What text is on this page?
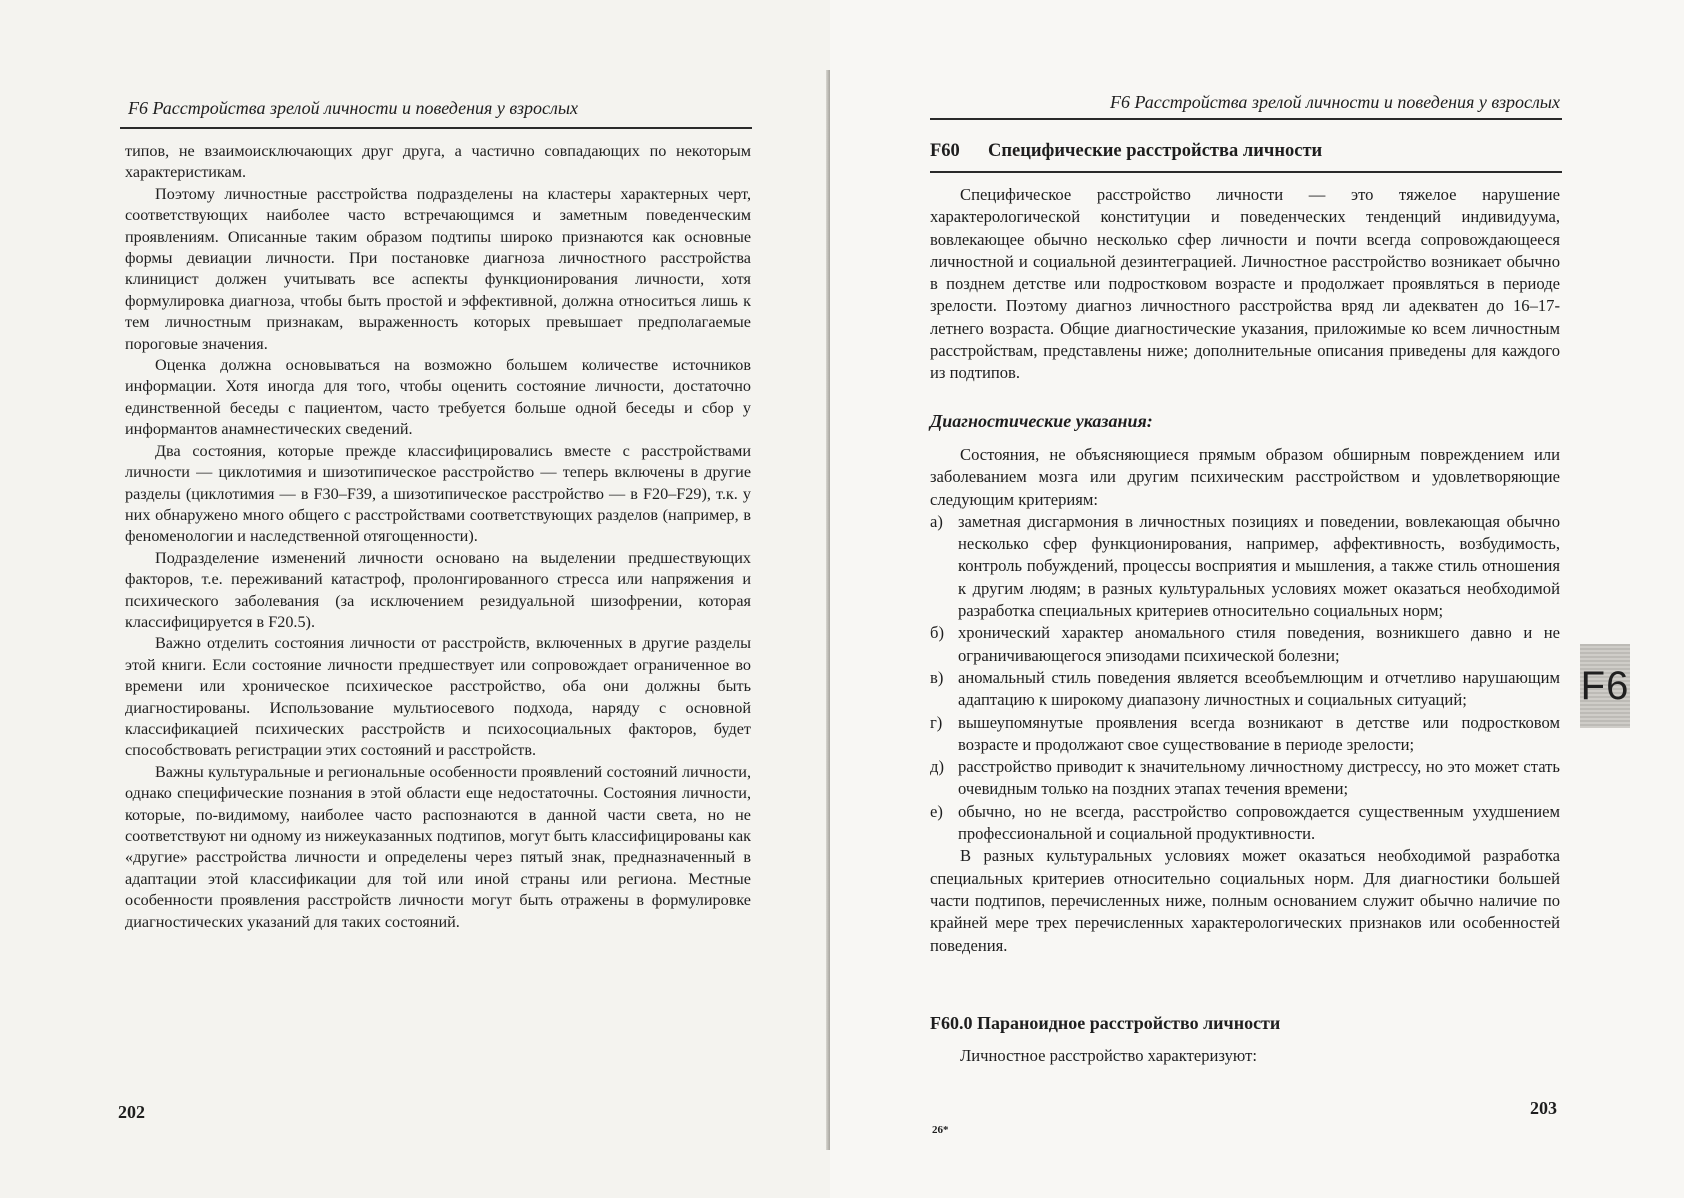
F6 Расстройства зрелой личности и поведения у взрослых

типов, не взаимоисключающих друг друга, а частично совпадающих по некоторым характеристикам.

Поэтому личностные расстройства подразделены на кластеры характерных черт, соответствующих наиболее часто встречающимся и заметным поведенческим проявлениям. Описанные таким образом подтипы широко признаются как основные формы девиации личности. При постановке диагноза личностного расстройства клиницист должен учитывать все аспекты функционирования личности, хотя формулировка диагноза, чтобы быть простой и эффективной, должна относиться лишь к тем личностным признакам, выраженность которых превышает предполагаемые пороговые значения.

Оценка должна основываться на возможно большем количестве источников информации. Хотя иногда для того, чтобы оценить состояние личности, достаточно единственной беседы с пациентом, часто требуется больше одной беседы и сбор у информантов анамнестических сведений.

Два состояния, которые прежде классифицировались вместе с расстройствами личности — циклотимия и шизотипическое расстройство — теперь включены в другие разделы (циклотимия — в F30–F39, а шизотипическое расстройство — в F20–F29), т.к. у них обнаружено много общего с расстройствами соответствующих разделов (например, в феноменологии и наследственной отягощенности).

Подразделение изменений личности основано на выделении предшествующих факторов, т.е. переживаний катастроф, пролонгированного стресса или напряжения и психического заболевания (за исключением резидуальной шизофрении, которая классифицируется в F20.5).

Важно отделить состояния личности от расстройств, включенных в другие разделы этой книги. Если состояние личности предшествует или сопровождает ограниченное во времени или хроническое психическое расстройство, оба они должны быть диагностированы. Использование мультиосевого подхода, наряду с основной классификацией психических расстройств и психосоциальных факторов, будет способствовать регистрации этих состояний и расстройств.

Важны культуральные и региональные особенности проявлений состояний личности, однако специфические познания в этой области еще недостаточны. Состояния личности, которые, по-видимому, наиболее часто распознаются в данной части света, но не соответствуют ни одному из нижеуказанных подтипов, могут быть классифицированы как «другие» расстройства личности и определены через пятый знак, предназначенный в адаптации этой классификации для той или иной страны или региона. Местные особенности проявления расстройств личности могут быть отражены в формулировке диагностических указаний для таких состояний.

202
F6 Расстройства зрелой личности и поведения у взрослых
F60 Специфические расстройства личности

Специфическое расстройство личности — это тяжелое нарушение характерологической конституции и поведенческих тенденций индивидуума, вовлекающее обычно несколько сфер личности и почти всегда сопровождающееся личностной и социальной дезинтеграцией. Личностное расстройство возникает обычно в позднем детстве или подростковом возрасте и продолжает проявляться в периоде зрелости. Поэтому диагноз личностного расстройства вряд ли адекватен до 16–17-летнего возраста. Общие диагностические указания, приложимые ко всем личностным расстройствам, представлены ниже; дополнительные описания приведены для каждого из подтипов.

Диагностические указания:

Состояния, не объясняющиеся прямым образом обширным повреждением или заболеванием мозга или другим психическим расстройством и удовлетворяющие следующим критериям:

а) заметная дисгармония в личностных позициях и поведении, вовлекающая обычно несколько сфер функционирования, например, аффективность, возбудимость, контроль побуждений, процессы восприятия и мышления, а также стиль отношения к другим людям; в разных культуральных условиях может оказаться необходимой разработка специальных критериев относительно социальных норм;
б) хронический характер аномального стиля поведения, возникшего давно и не ограничивающегося эпизодами психической болезни;
в) аномальный стиль поведения является всеобъемлющим и отчетливо нарушающим адаптацию к широкому диапазону личностных и социальных ситуаций;
г) вышеупомянутые проявления всегда возникают в детстве или подростковом возрасте и продолжают свое существование в периоде зрелости;
д) расстройство приводит к значительному личностному дистрессу, но это может стать очевидным только на поздних этапах течения времени;
е) обычно, но не всегда, расстройство сопровождается существенным ухудшением профессиональной и социальной продуктивности.

В разных культуральных условиях может оказаться необходимой разработка специальных критериев относительно социальных норм. Для диагностики большей части подтипов, перечисленных ниже, полным основанием служит обычно наличие по крайней мере трех перечисленных характерологических признаков или особенностей поведения.

F60.0 Параноидное расстройство личности

Личностное расстройство характеризуют:

26*
203
F6
